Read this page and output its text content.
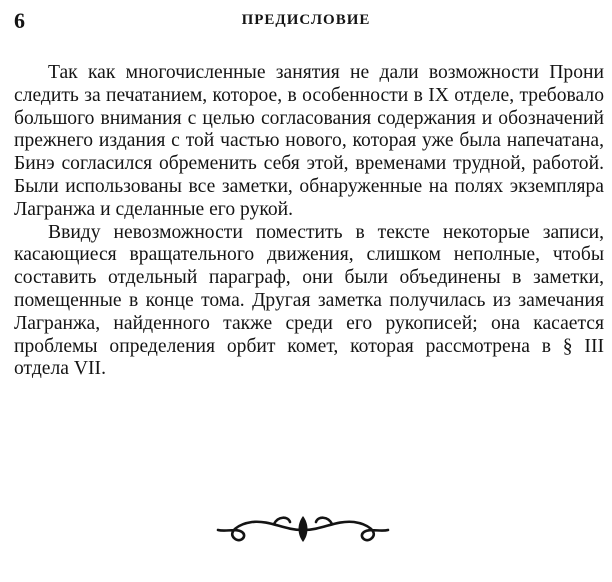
6	ПРЕДИСЛОВИЕ

Так как многочисленные занятия не дали возможности Прони следить за печатанием, которое, в особенности в IX отделе, требовало большого внимания с целью согласования содержания и обозначений прежнего издания с той частью нового, которая уже была напечатана, Бинэ согласился обременить себя этой, временами трудной, работой. Были использованы все заметки, обнаруженные на полях экземпляра Лагранжа и сделанные его рукой.

Ввиду невозможности поместить в тексте некоторые записи, касающиеся вращательного движения, слишком неполные, чтобы составить отдельный параграф, они были объединены в заметки, помещенные в конце тома. Другая заметка получилась из замечания Лагранжа, найденного также среди его рукописей; она касается проблемы определения орбит комет, которая рассмотрена в § III отдела VII.
